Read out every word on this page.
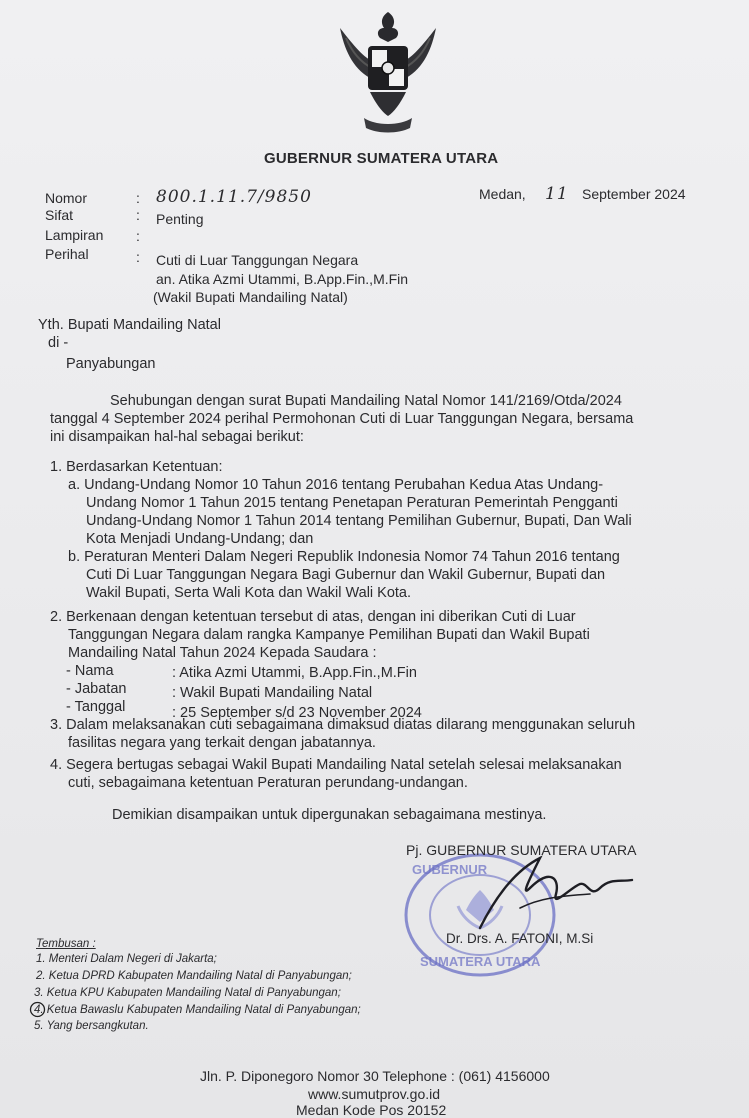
GUBERNUR SUMATERA UTARA
Medan, 11 September 2024
Nomor	: 800.1.11.7/9850
Sifat	: Penting
Lampiran :
Perihal	: Cuti di Luar Tanggungan Negara
an. Atika Azmi Utammi, B.App.Fin.,M.Fin
(Wakil Bupati Mandailing Natal)
Yth. Bupati Mandailing Natal
di -
Panyabungan
Sehubungan dengan surat Bupati Mandailing Natal Nomor 141/2169/Otda/2024
tanggal 4 September 2024 perihal Permohonan Cuti di Luar Tanggungan Negara, bersama
ini disampaikan hal-hal sebagai berikut:
1. Berdasarkan Ketentuan:
a. Undang-Undang Nomor 10 Tahun 2016 tentang Perubahan Kedua Atas Undang-
Undang Nomor 1 Tahun 2015 tentang Penetapan Peraturan Pemerintah Pengganti
Undang-Undang Nomor 1 Tahun 2014 tentang Pemilihan Gubernur, Bupati, Dan Wali
Kota Menjadi Undang-Undang; dan
b. Peraturan Menteri Dalam Negeri Republik Indonesia Nomor 74 Tahun 2016 tentang
Cuti Di Luar Tanggungan Negara Bagi Gubernur dan Wakil Gubernur, Bupati dan
Wakil Bupati, Serta Wali Kota dan Wakil Wali Kota.
2. Berkenaan dengan ketentuan tersebut di atas, dengan ini diberikan Cuti di Luar
Tanggungan Negara dalam rangka Kampanye Pemilihan Bupati dan Wakil Bupati
Mandailing Natal Tahun 2024 Kepada Saudara :
- Nama	: Atika Azmi Utammi, B.App.Fin.,M.Fin
- Jabatan	: Wakil Bupati Mandailing Natal
- Tanggal	: 25 September s/d 23 November 2024
3. Dalam melaksanakan cuti sebagaimana dimaksud diatas dilarang menggunakan seluruh
fasilitas negara yang terkait dengan jabatannya.
4. Segera bertugas sebagai Wakil Bupati Mandailing Natal setelah selesai melaksanakan
cuti, sebagaimana ketentuan Peraturan perundang-undangan.
Demikian disampaikan untuk dipergunakan sebagaimana mestinya.
GUBERNUR
SUMATERA UTARA
Pj. GUBERNUR SUMATERA UTARA
Dr. Drs. A. FATONI, M.Si
Tembusan :
1. Menteri Dalam Negeri di Jakarta;
2. Ketua DPRD Kabupaten Mandailing Natal di Panyabungan;
3. Ketua KPU Kabupaten Mandailing Natal di Panyabungan;
4. Ketua Bawaslu Kabupaten Mandailing Natal di Panyabungan;
5. Yang bersangkutan.
Jln. P. Diponegoro Nomor 30 Telephone : (061) 4156000
www.sumutprov.go.id
Medan Kode Pos 20152
